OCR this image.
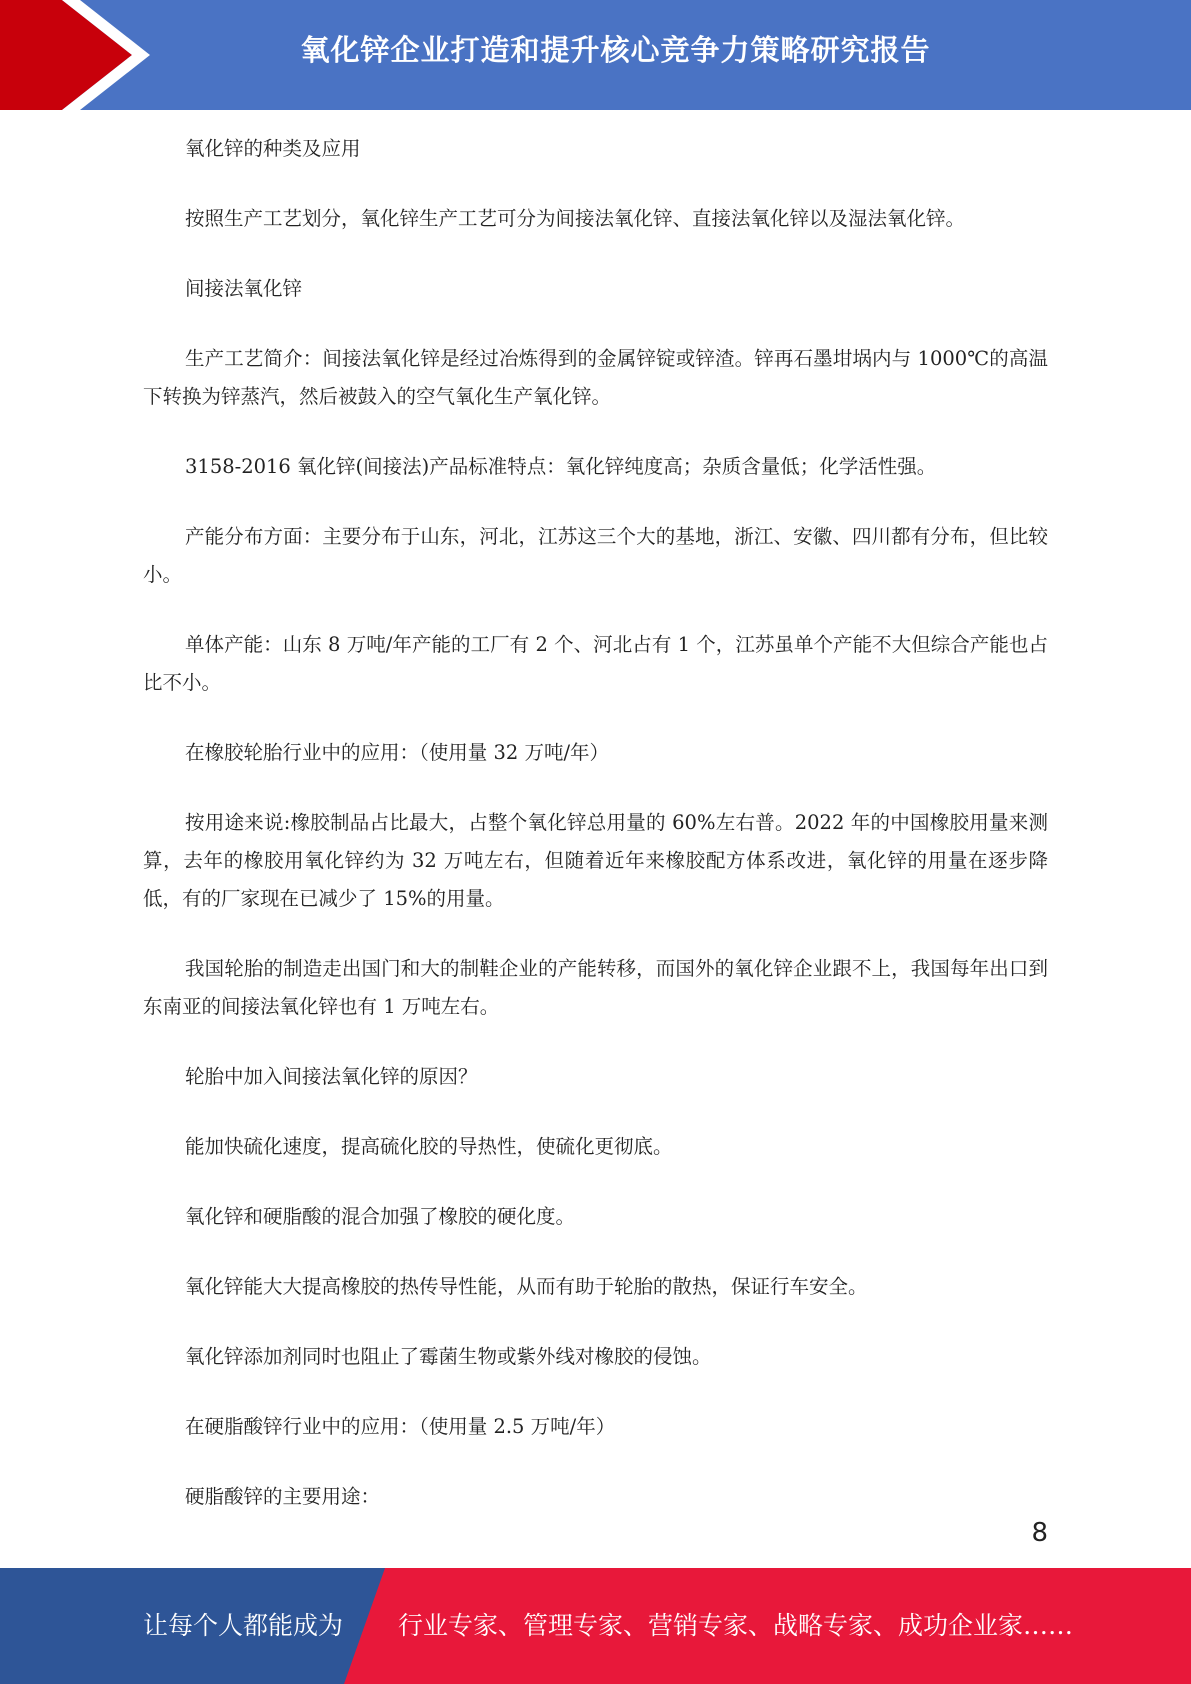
氧化锌企业打造和提升核心竞争力策略研究报告

氧化锌的种类及应用

按照生产工艺划分，氧化锌生产工艺可分为间接法氧化锌、直接法氧化锌以及湿法氧化锌。

间接法氧化锌

生产工艺简介：间接法氧化锌是经过冶炼得到的金属锌锭或锌渣。锌再石墨坩埚内与 1000℃的高温下转换为锌蒸汽，然后被鼓入的空气氧化生产氧化锌。

3158-2016 氧化锌(间接法)产品标准特点：氧化锌纯度高；杂质含量低；化学活性强。

产能分布方面：主要分布于山东，河北，江苏这三个大的基地，浙江、安徽、四川都有分布，但比较小。

单体产能：山东 8 万吨/年产能的工厂有 2 个、河北占有 1 个，江苏虽单个产能不大但综合产能也占比不小。

在橡胶轮胎行业中的应用：（使用量 32 万吨/年）

按用途来说:橡胶制品占比最大，占整个氧化锌总用量的 60%左右普。2022 年的中国橡胶用量来测算，去年的橡胶用氧化锌约为 32 万吨左右，但随着近年来橡胶配方体系改进，氧化锌的用量在逐步降低，有的厂家现在已减少了 15%的用量。

我国轮胎的制造走出国门和大的制鞋企业的产能转移，而国外的氧化锌企业跟不上，我国每年出口到东南亚的间接法氧化锌也有 1 万吨左右。

轮胎中加入间接法氧化锌的原因？

能加快硫化速度，提高硫化胶的导热性，使硫化更彻底。

氧化锌和硬脂酸的混合加强了橡胶的硬化度。

氧化锌能大大提高橡胶的热传导性能，从而有助于轮胎的散热，保证行车安全。

氧化锌添加剂同时也阻止了霉菌生物或紫外线对橡胶的侵蚀。

在硬脂酸锌行业中的应用：（使用量 2.5 万吨/年）

硬脂酸锌的主要用途：

8
让每个人都能成为 行业专家、管理专家、营销专家、战略专家、成功企业家……
